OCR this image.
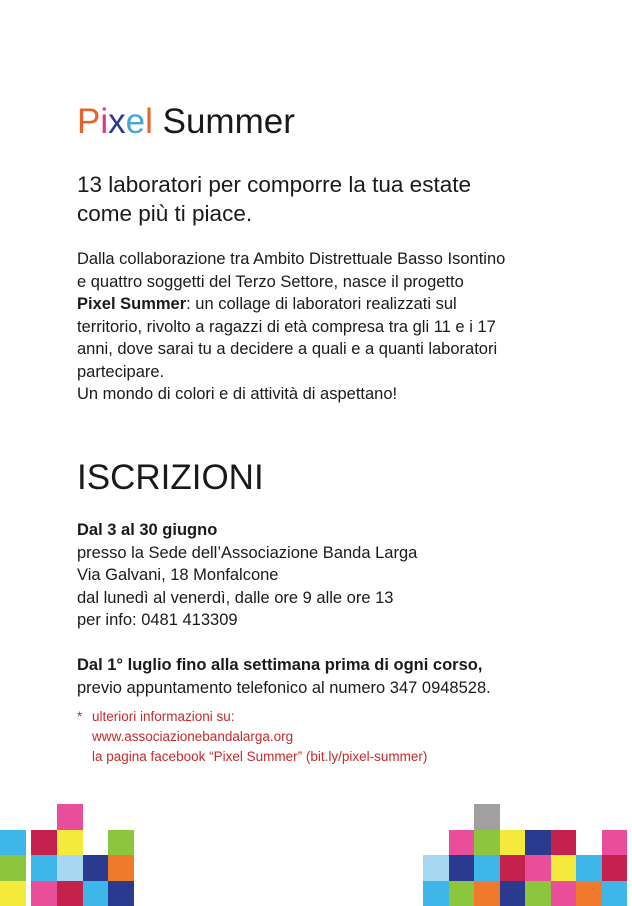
Pixel Summer
13 laboratori per comporre la tua estate
come più ti piace.
Dalla collaborazione tra Ambito Distrettuale Basso Isontino
e quattro soggetti del Terzo Settore, nasce il progetto
Pixel Summer: un collage di laboratori realizzati sul
territorio, rivolto a ragazzi di età compresa tra gli 11 e i 17
anni, dove sarai tu a decidere a quali e a quanti laboratori
partecipare.
Un mondo di colori e di attività di aspettano!
ISCRIZIONI
Dal 3 al 30 giugno
presso la Sede dell’Associazione Banda Larga
Via Galvani, 18 Monfalcone
dal lunedì al venerdì, dalle ore 9 alle ore 13
per info: 0481 413309
Dal 1° luglio fino alla settimana prima di ogni corso,
previo appuntamento telefonico al numero 347 0948528.
* ulteriori informazioni su:
www.associazionebandalarga.org
la pagina facebook “Pixel Summer” (bit.ly/pixel-summer)
